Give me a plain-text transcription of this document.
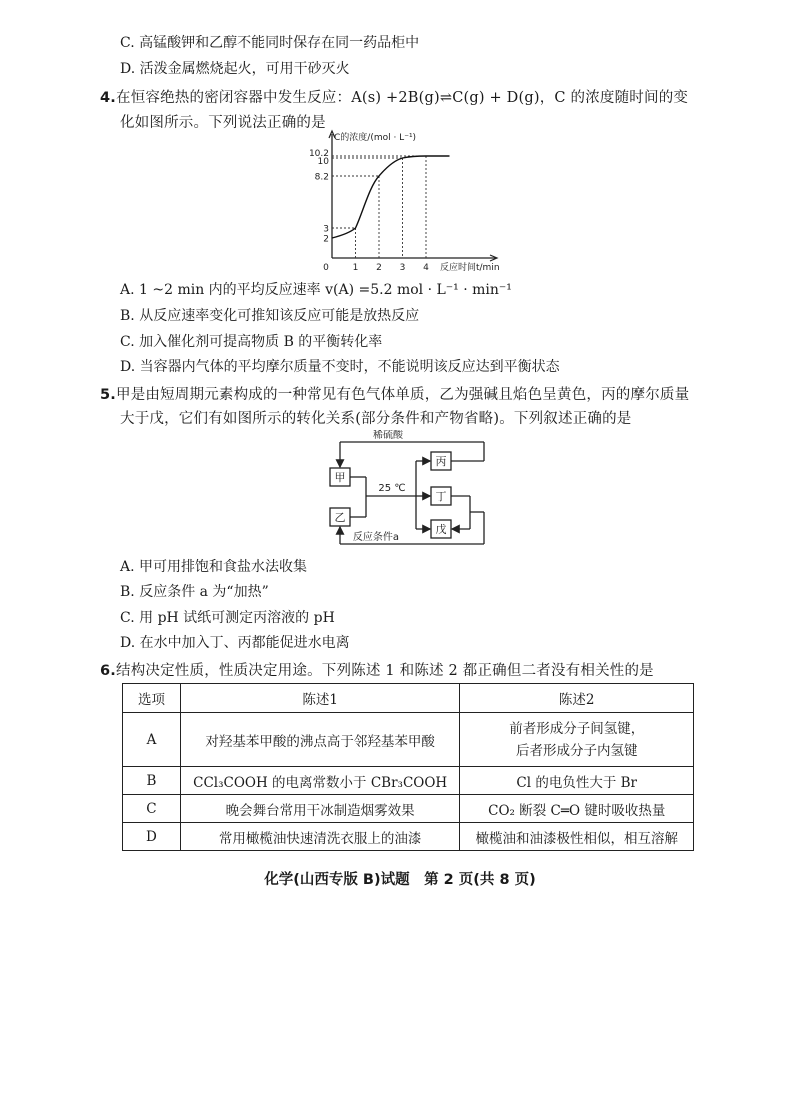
C. 高锰酸钾和乙醇不能同时保存在同一药品柜中
D. 活泼金属燃烧起火，可用干砂灭火
4.在恒容绝热的密闭容器中发生反应：A(s) +2B(g)⇌C(g) + D(g)，C 的浓度随时间的变
化如图所示。下列说法正确的是
C的浓度/(mol · L⁻¹)
反应时间t/min
2
3
8.2
10
10.2
0	1 2 3 4
A. 1 ~2 min 内的平均反应速率 v(A) =5.2 mol · L⁻¹ · min⁻¹
B. 从反应速率变化可推知该反应可能是放热反应
C. 加入催化剂可提高物质 B 的平衡转化率
D. 当容器内气体的平均摩尔质量不变时，不能说明该反应达到平衡状态
5.甲是由短周期元素构成的一种常见有色气体单质，乙为强碱且焰色呈黄色，丙的摩尔质量
大于戊，它们有如图所示的转化关系(部分条件和产物省略)。下列叙述正确的是
甲
乙
丙
丁
戊
稀硫酸
25 ℃
反应条件a
A. 甲可用排饱和食盐水法收集
B. 反应条件 a 为“加热”
C. 用 pH 试纸可测定丙溶液的 pH
D. 在水中加入丁、丙都能促进水电离
6.结构决定性质，性质决定用途。下列陈述 1 和陈述 2 都正确但二者没有相关性的是
选项	陈述1	陈述2
A	对羟基苯甲酸的沸点高于邻羟基苯甲酸	前者形成分子间氢键，
后者形成分子内氢键

B	CCl₃COOH 的电离常数小于 CBr₃COOH	Cl 的电负性大于 Br
C	晚会舞台常用干冰制造烟雾效果	CO₂ 断裂 C═O 键时吸收热量
D	常用橄榄油快速清洗衣服上的油漆	橄榄油和油漆极性相似，相互溶解
化学(山西专版 B)试题　第 2 页(共 8 页)
